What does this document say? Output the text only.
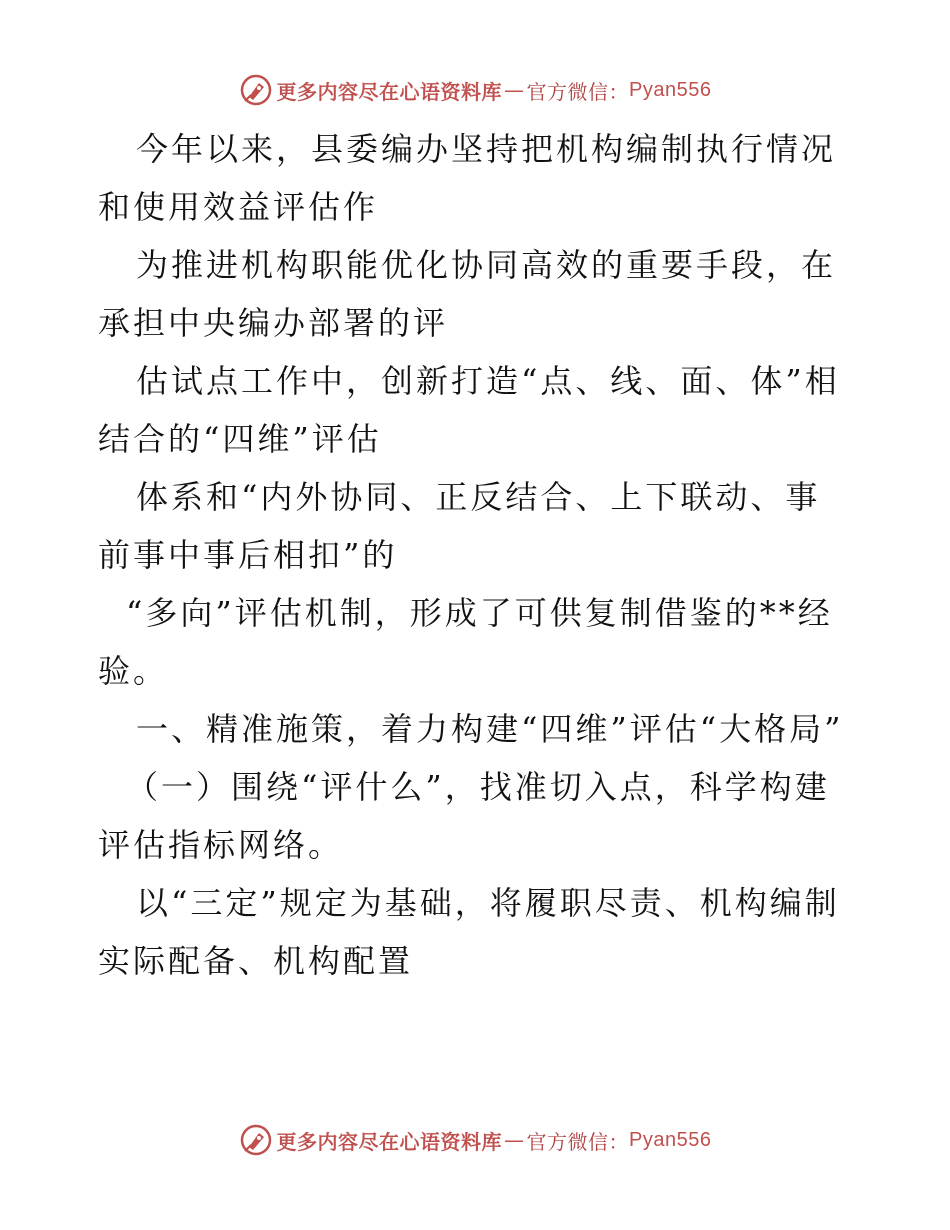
更多内容尽在心语资料库 — 官方微信： Pyan556

今年以来，县委编办坚持把机构编制执行情况和使用效益评估作

为推进机构职能优化协同高效的重要手段，在承担中央编办部署的评

估试点工作中，创新打造“点、线、面、体”相结合的“四维”评估

体系和“内外协同、正反结合、上下联动、事前事中事后相扣”的

“多向”评估机制，形成了可供复制借鉴的**经验。

一、精准施策，着力构建“四维”评估“大格局”

（一）围绕“评什么”，找准切入点，科学构建评估指标网络。

以“三定”规定为基础，将履职尽责、机构编制实际配备、机构配置

更多内容尽在心语资料库 — 官方微信： Pyan556
